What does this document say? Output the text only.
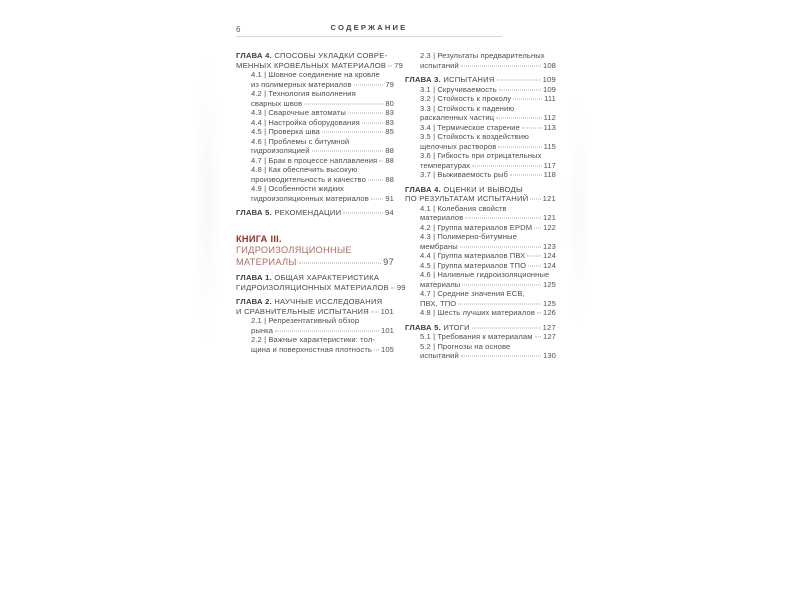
6	СОДЕРЖАНИЕ
ГЛАВА 4. СПОСОБЫ УКЛАДКИ СОВРЕ-
МЕННЫХ КРОВЕЛЬНЫХ МАТЕРИАЛОВ 79
4.1 | Шовное соединение на кровле
из полимерных материалов	79
4.2 | Технология выполнения
сварных швов	80
4.3 | Сварочные автоматы	83
4.4 | Настройка оборудования	83
4.5 | Проверка шва	85
4.6 | Проблемы с битумной
гидроизоляцией	88
4.7 | Брак в процессе наплавления 88
4.8 | Как обеспечить высокую
производительность и качество	88
4.9 | Особенности жидких
гидроизоляционных материалов 91
ГЛАВА 5. РЕКОМЕНДАЦИИ	94
КНИГА III.
ГИДРОИЗОЛЯЦИОННЫЕ
МАТЕРИАЛЫ	97
ГЛАВА 1. ОБЩАЯ ХАРАКТЕРИСТИКА
ГИДРОИЗОЛЯЦИОННЫХ МАТЕРИАЛОВ 99
ГЛАВА 2. НАУЧНЫЕ ИССЛЕДОВАНИЯ
И СРАВНИТЕЛЬНЫЕ ИСПЫТАНИЯ 101
2.1 | Репрезентативный обзор
рынка	101
2.2 | Важные характеристики: тол-
щина и поверхностная плотность 105
2.3 | Результаты предварительных
испытаний	108
ГЛАВА 3. ИСПЫТАНИЯ	109
3.1 | Скручиваемость	109
3.2 | Стойкость к проколу	111
3.3 | Стойкость к падению
раскаленных частиц	112
3.4 | Термическое старение	113
3.5 | Стойкость к воздействию
щелочных растворов	115
3.6 | Гибкость при отрицательных
температурах	117
3.7 | Выживаемость рыб	118
ГЛАВА 4. ОЦЕНКИ И ВЫВОДЫ
ПО РЕЗУЛЬТАТАМ ИСПЫТАНИЙ 121
4.1 | Колебания свойств
материалов	121
4.2 | Группа материалов EPDM 122
4.3 | Полимерно-битумные
мембраны	123
4.4 | Группа материалов ПВХ 124
4.5 | Группа материалов ТПО 124
4.6 | Наливные гидроизоляционные
материалы	125
4.7 | Средние значения ЕСВ,
ПВХ, ТПО	125
4.8 | Шесть лучших материалов 126
ГЛАВА 5. ИТОГИ	127
5.1 | Требования к материалам 127
5.2 | Прогнозы на основе
испытаний	130
